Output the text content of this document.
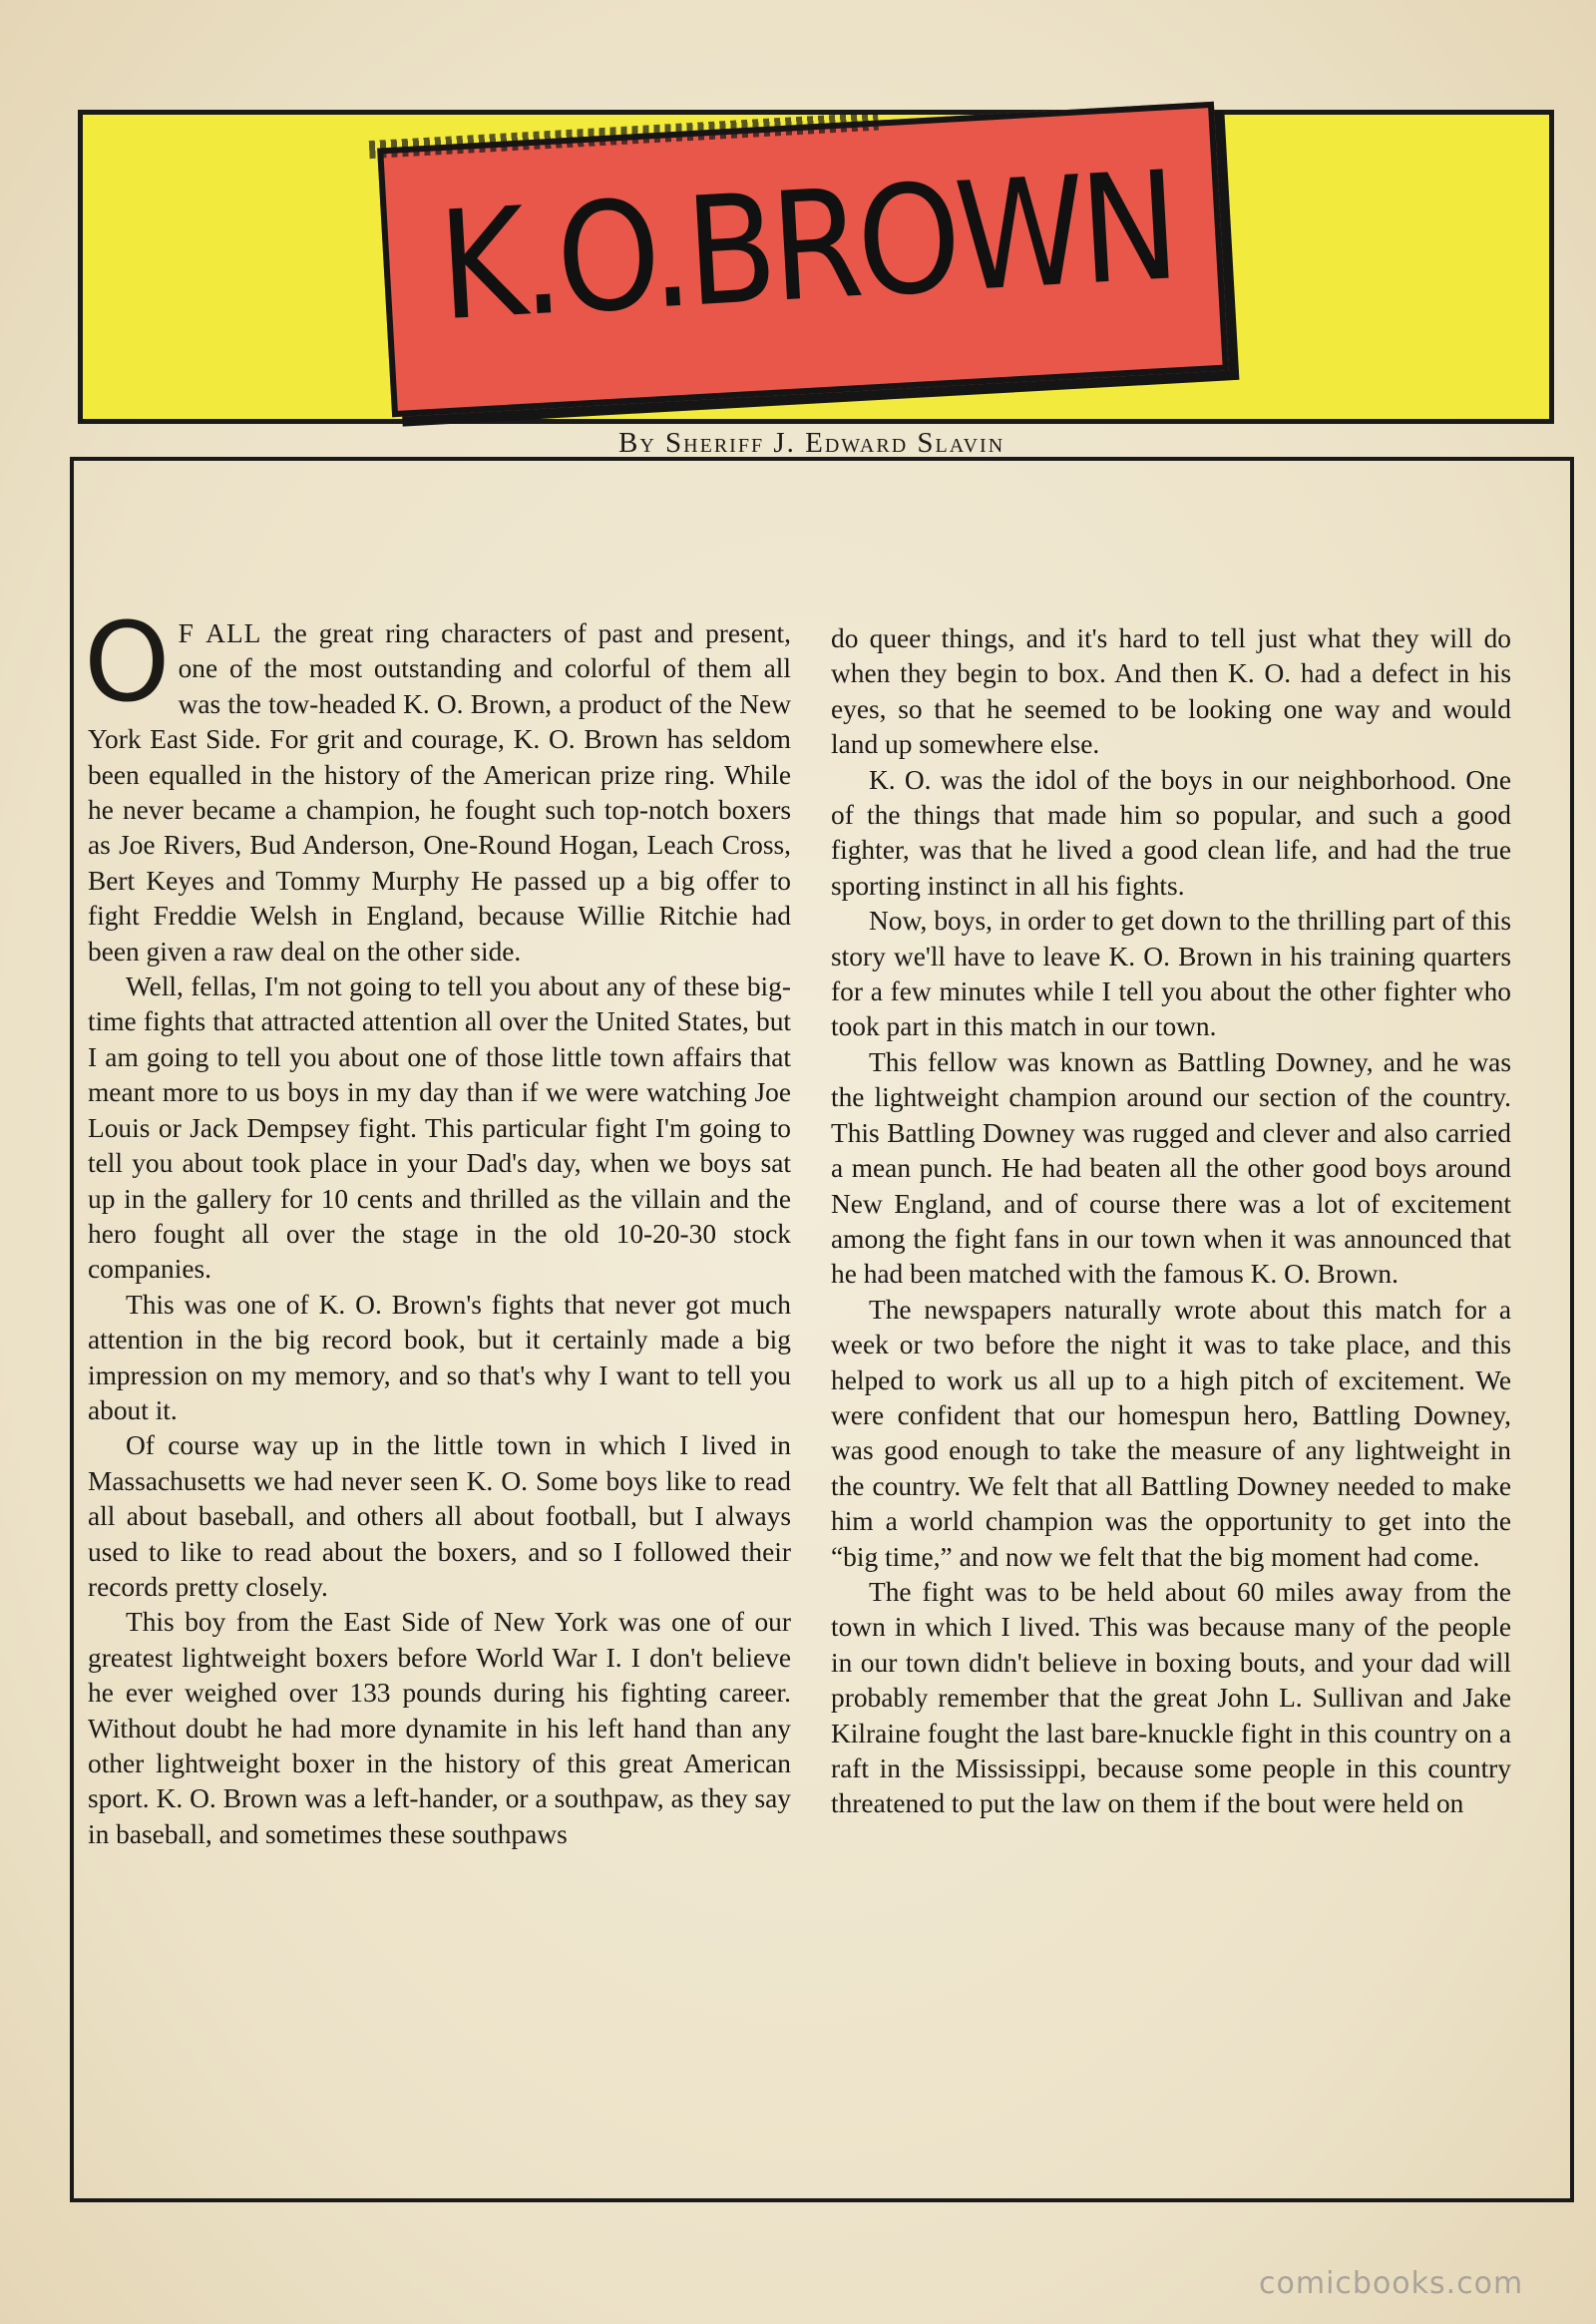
K.O.BROWN

By Sheriff J. Edward Slavin

O F ALL the great ring characters of past and present, one of the most outstanding and colorful of them all was the tow-headed K. O. Brown, a product of the New York East Side. For grit and courage, K. O. Brown has seldom been equalled in the history of the American prize ring. While he never became a champion, he fought such top-notch boxers as Joe Rivers, Bud Anderson, One-Round Hogan, Leach Cross, Bert Keyes and Tommy Murphy He passed up a big offer to fight Freddie Welsh in England, because Willie Ritchie had been given a raw deal on the other side.

Well, fellas, I'm not going to tell you about any of these big-time fights that attracted attention all over the United States, but I am going to tell you about one of those little town affairs that meant more to us boys in my day than if we were watching Joe Louis or Jack Dempsey fight. This particular fight I'm going to tell you about took place in your Dad's day, when we boys sat up in the gallery for 10 cents and thrilled as the villain and the hero fought all over the stage in the old 10-20-30 stock companies.

This was one of K. O. Brown's fights that never got much attention in the big record book, but it certainly made a big impression on my memory, and so that's why I want to tell you about it.

Of course way up in the little town in which I lived in Massachusetts we had never seen K. O. Some boys like to read all about baseball, and others all about football, but I always used to like to read about the boxers, and so I followed their records pretty closely.

This boy from the East Side of New York was one of our greatest lightweight boxers before World War I. I don't believe he ever weighed over 133 pounds during his fighting career. Without doubt he had more dynamite in his left hand than any other lightweight boxer in the history of this great American sport. K. O. Brown was a left-hander, or a southpaw, as they say in baseball, and sometimes these southpaws

do queer things, and it's hard to tell just what they will do when they begin to box. And then K. O. had a defect in his eyes, so that he seemed to be looking one way and would land up somewhere else.

K. O. was the idol of the boys in our neighborhood. One of the things that made him so popular, and such a good fighter, was that he lived a good clean life, and had the true sporting instinct in all his fights.

Now, boys, in order to get down to the thrilling part of this story we'll have to leave K. O. Brown in his training quarters for a few minutes while I tell you about the other fighter who took part in this match in our town.

This fellow was known as Battling Downey, and he was the lightweight champion around our section of the country. This Battling Downey was rugged and clever and also carried a mean punch. He had beaten all the other good boys around New England, and of course there was a lot of excitement among the fight fans in our town when it was announced that he had been matched with the famous K. O. Brown.

The newspapers naturally wrote about this match for a week or two before the night it was to take place, and this helped to work us all up to a high pitch of excitement. We were confident that our homespun hero, Battling Downey, was good enough to take the measure of any lightweight in the country. We felt that all Battling Downey needed to make him a world champion was the opportunity to get into the “big time,” and now we felt that the big moment had come.

The fight was to be held about 60 miles away from the town in which I lived. This was because many of the people in our town didn't believe in boxing bouts, and your dad will probably remember that the great John L. Sullivan and Jake Kilraine fought the last bare-knuckle fight in this country on a raft in the Mississippi, because some people in this country threatened to put the law on them if the bout were held on

comicbooks.com
